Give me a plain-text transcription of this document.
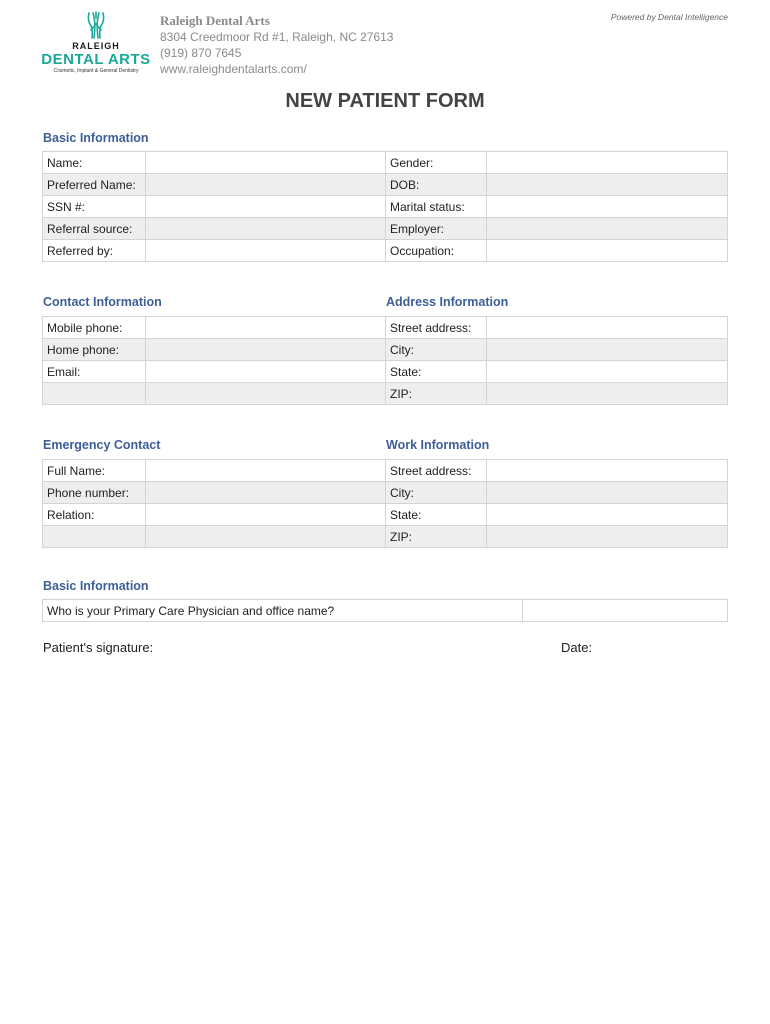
RALEIGH
DENTAL ARTS
Cosmetic, Implant & General Dentistry
Raleigh Dental Arts
8304 Creedmoor Rd #1, Raleigh, NC 27613
(919) 870 7645
www.raleighdentalarts.com/
Powered by Dental Intelligence
NEW PATIENT FORM
Basic Information
Name:		Gender:	
Preferred Name:		DOB:	
SSN #:		Marital status:	
Referral source:		Employer:	
Referred by:		Occupation:	
Contact Information	Address Information
Mobile phone:		Street address:	
Home phone:		City:	
Email:		State:	
		ZIP:	
Emergency Contact	Work Information
Full Name:		Street address:	
Phone number:		City:	
Relation:		State:	
		ZIP:	
Basic Information
Who is your Primary Care Physician and office name?	
Patient's signature:	Date:
